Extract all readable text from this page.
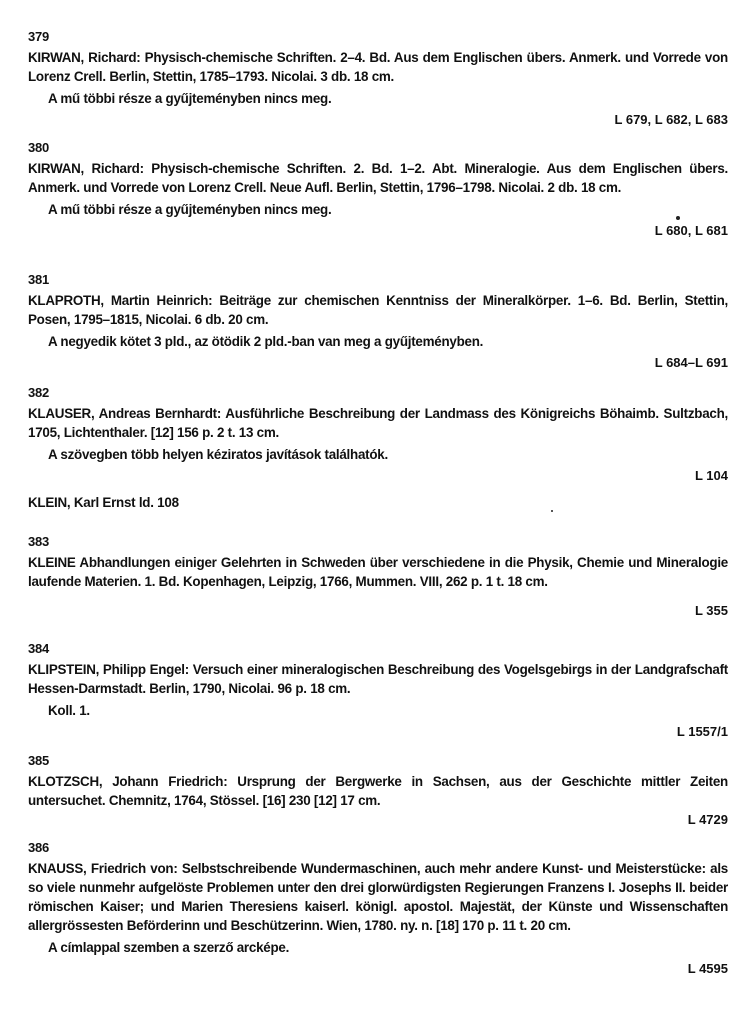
379
KIRWAN, Richard: Physisch-chemische Schriften. 2–4. Bd. Aus dem Englischen übers. Anmerk. und Vorrede von Lorenz Crell. Berlin, Stettin, 1785–1793. Nicolai. 3 db. 18 cm.
A mű többi része a gyűjteményben nincs meg.
L 679, L 682, L 683
380
KIRWAN, Richard: Physisch-chemische Schriften. 2. Bd. 1–2. Abt. Mineralogie. Aus dem Englischen übers. Anmerk. und Vorrede von Lorenz Crell. Neue Aufl. Berlin, Stettin, 1796–1798. Nicolai. 2 db. 18 cm.
A mű többi része a gyűjteményben nincs meg.
L 680, L 681
381
KLAPROTH, Martin Heinrich: Beiträge zur chemischen Kenntniss der Mineralkörper. 1–6. Bd. Berlin, Stettin, Posen, 1795–1815, Nicolai. 6 db. 20 cm.
A negyedik kötet 3 pld., az ötödik 2 pld.-ban van meg a gyűjteményben.
L 684–L 691
382
KLAUSER, Andreas Bernhardt: Ausführliche Beschreibung der Landmass des Königreichs Böhaimb. Sultzbach, 1705, Lichtenthaler. [12] 156 p. 2 t. 13 cm.
A szövegben több helyen kéziratos javítások találhatók.
L 104
KLEIN, Karl Ernst ld. 108
383
KLEINE Abhandlungen einiger Gelehrten in Schweden über verschiedene in die Physik, Chemie und Mineralogie laufende Materien. 1. Bd. Kopenhagen, Leipzig, 1766, Mummen. VIII, 262 p. 1 t. 18 cm.
L 355
384
KLIPSTEIN, Philipp Engel: Versuch einer mineralogischen Beschreibung des Vogelsgebirgs in der Landgrafschaft Hessen-Darmstadt. Berlin, 1790, Nicolai. 96 p. 18 cm.
Koll. 1.
L 1557/1
385
KLOTZSCH, Johann Friedrich: Ursprung der Bergwerke in Sachsen, aus der Geschichte mittler Zeiten untersuchet. Chemnitz, 1764, Stössel. [16] 230 [12] 17 cm.
L 4729
386
KNAUSS, Friedrich von: Selbstschreibende Wundermaschinen, auch mehr andere Kunst- und Meisterstücke: als so viele nunmehr aufgelöste Problemen unter den drei glorwürdigsten Regierungen Franzens I. Josephs II. beider römischen Kaiser; und Marien Theresiens kaiserl. königl. apostol. Majestät, der Künste und Wissenschaften allergrössesten Beförderinn und Beschützerinn. Wien, 1780. ny. n. [18] 170 p. 11 t. 20 cm.
A címlappal szemben a szerző arcképe.
L 4595
